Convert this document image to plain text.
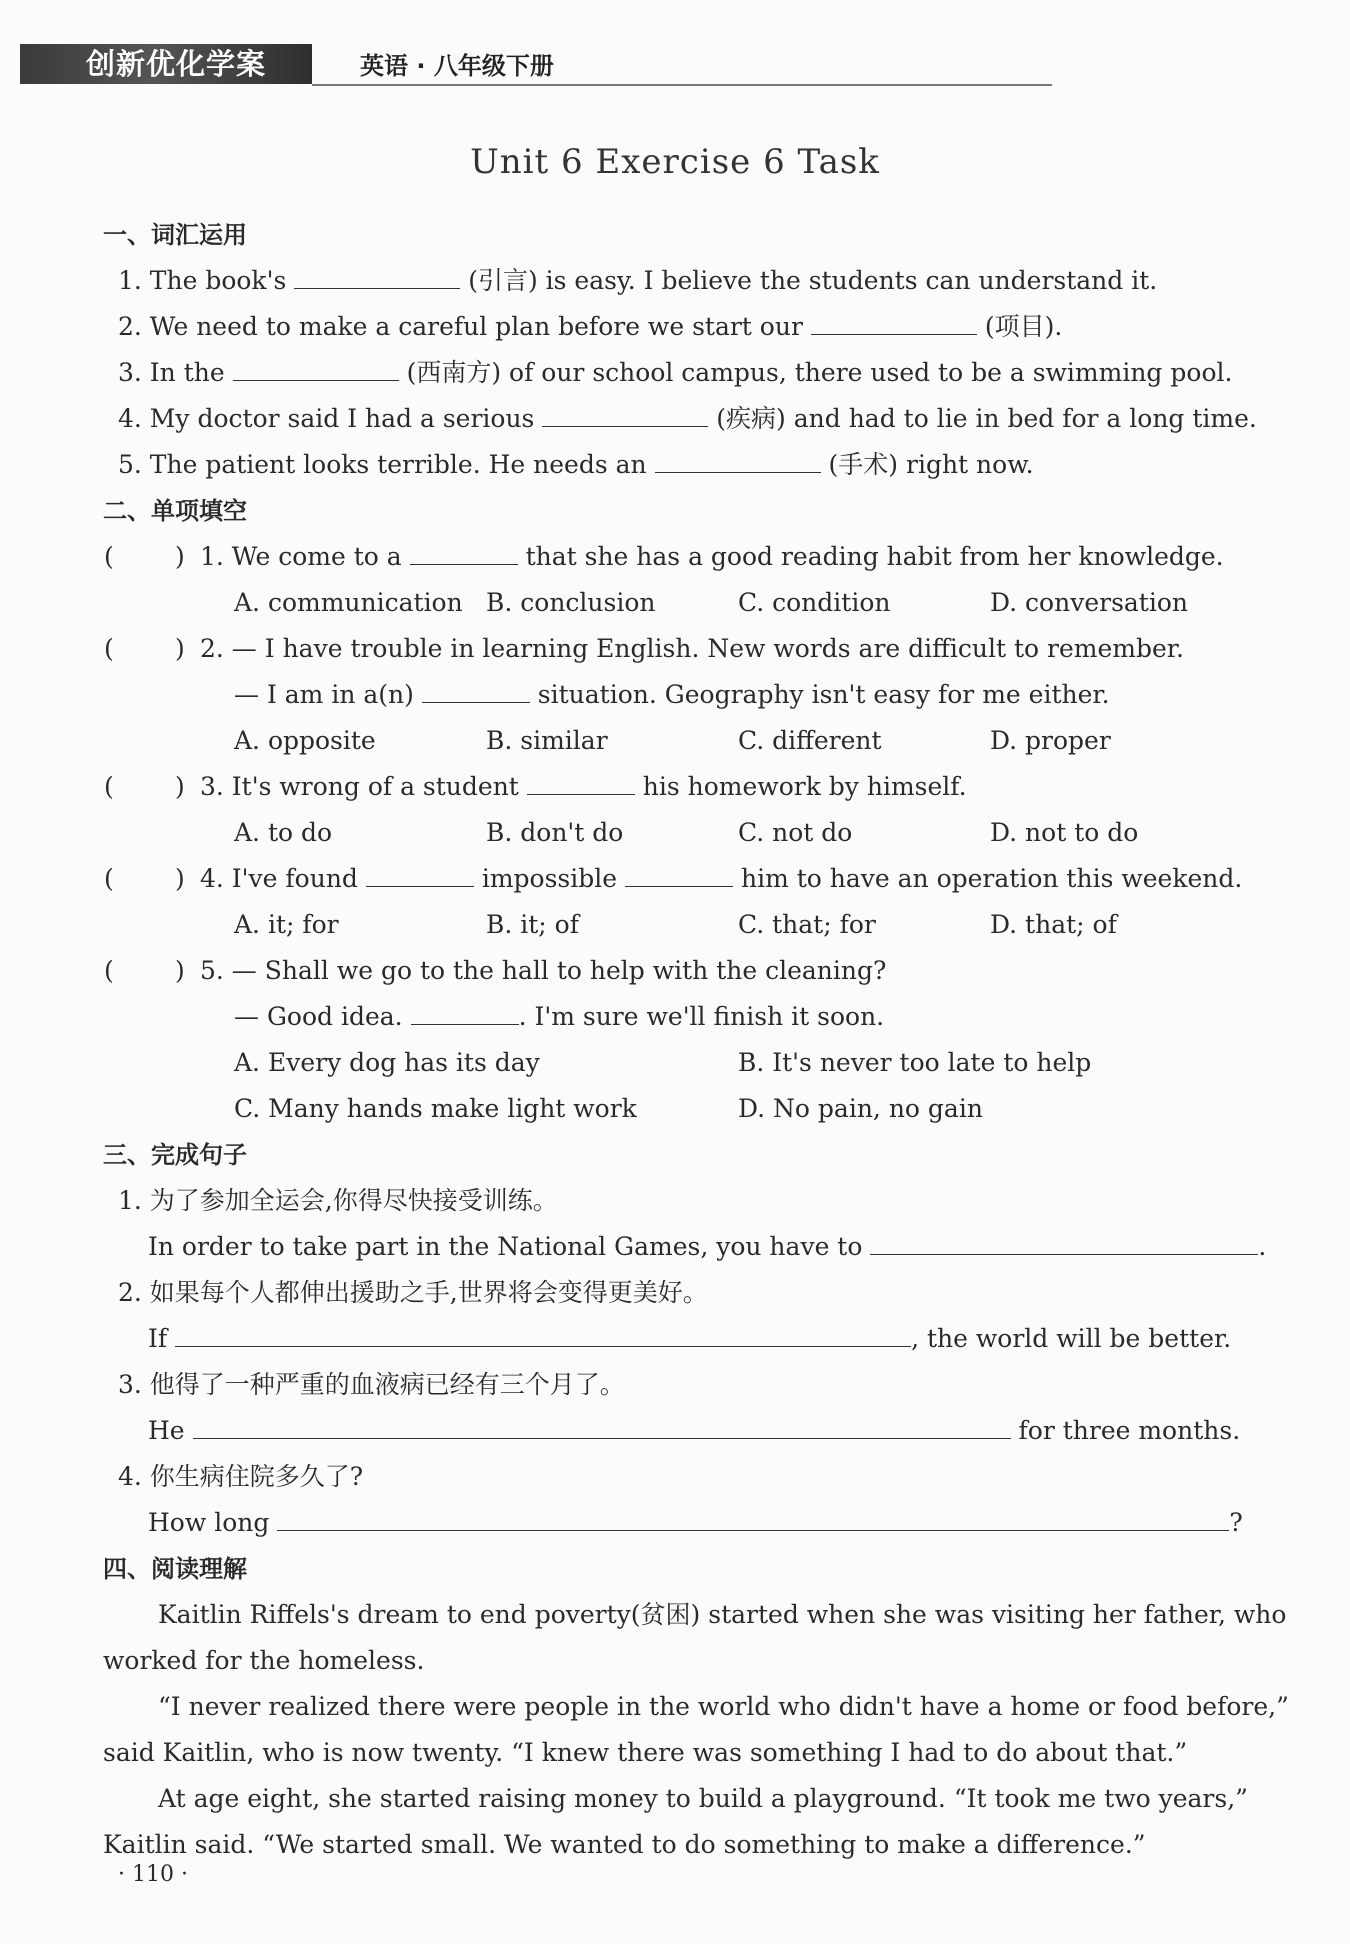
创新优化学案	英语 · 八年级下册
Unit 6 Exercise 6 Task
一、词汇运用
1. The book's	(引言) is easy. I believe the students can understand it.
2. We need to make a careful plan before we start our	(项目).
3. In the	(西南方) of our school campus, there used to be a swimming pool.
4. My doctor said I had a serious	(疾病) and had to lie in bed for a long time.
5. The patient looks terrible. He needs an	(手术) right now.
二、单项填空
( ) 1. We come to a	that she has a good reading habit from her knowledge.
A. communication B. conclusion	C. condition	D. conversation
( ) 2. — I have trouble in learning English. New words are difficult to remember.
— I am in a(n)	situation. Geography isn't easy for me either.
A. opposite	B. similar	C. different	D. proper
( ) 3. It's wrong of a student	his homework by himself.
A. to do	B. don't do	C. not do	D. not to do
( ) 4. I've found	impossible	him to have an operation this weekend.
A. it; for	B. it; of	C. that; for	D. that; of
( ) 5. — Shall we go to the hall to help with the cleaning?
— Good idea.	. I'm sure we'll finish it soon.
A. Every dog has its day	B. It's never too late to help
C. Many hands make light work	D. No pain, no gain
三、完成句子
1. 为了参加全运会,你得尽快接受训练。
In order to take part in the National Games, you have to	.
2. 如果每个人都伸出援助之手,世界将会变得更美好。
If	, the world will be better.
3. 他得了一种严重的血液病已经有三个月了。
He	for three months.
4. 你生病住院多久了?
How long	?
四、阅读理解
Kaitlin Riffels's dream to end poverty(贫困) started when she was visiting her father, who
worked for the homeless.
“I never realized there were people in the world who didn't have a home or food before,”
said Kaitlin, who is now twenty. “I knew there was something I had to do about that.”
At age eight, she started raising money to build a playground. “It took me two years,”
Kaitlin said. “We started small. We wanted to do something to make a difference.”
· 110 ·
